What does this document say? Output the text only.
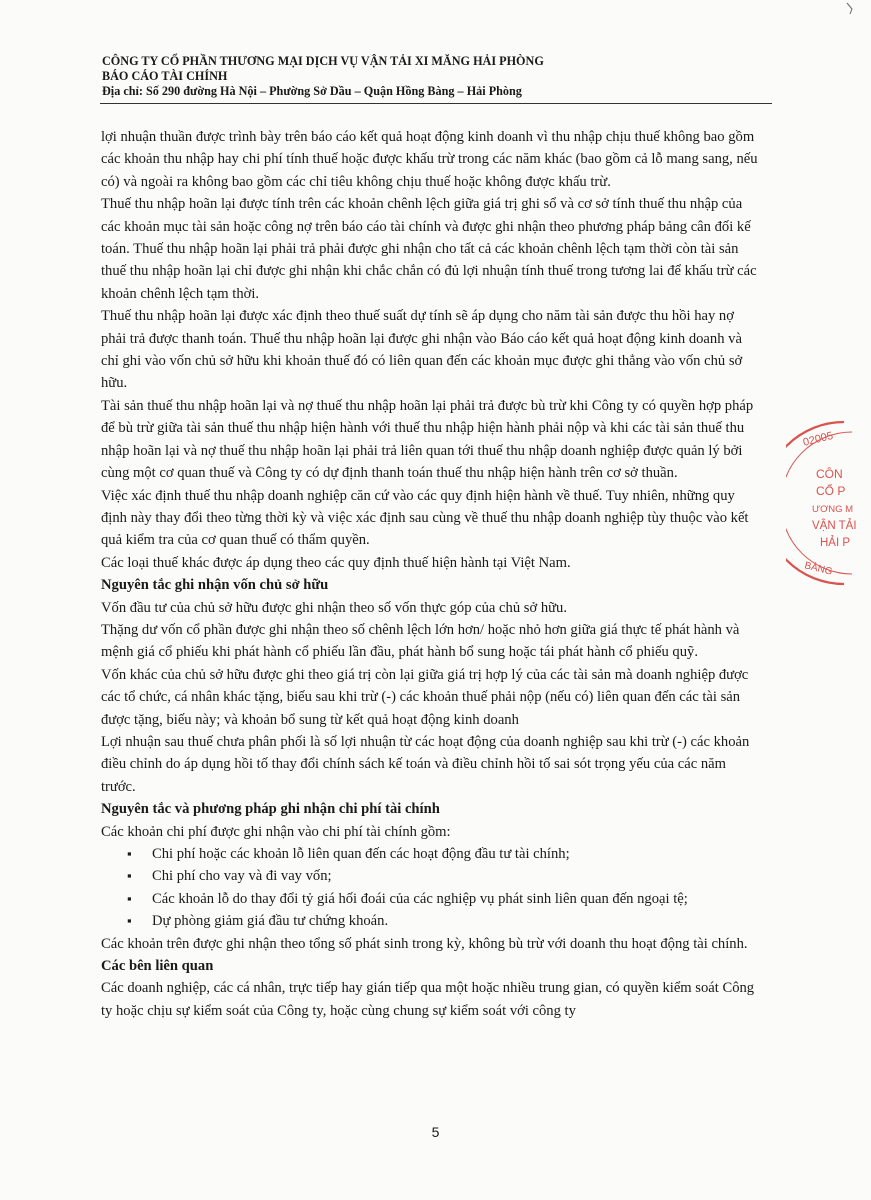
CÔNG TY CỔ PHẦN THƯƠNG MẠI DỊCH VỤ VẬN TẢI XI MĂNG HẢI PHÒNG
BÁO CÁO TÀI CHÍNH
Địa chỉ: Số 290 đường Hà Nội – Phường Sở Dầu – Quận Hồng Bàng – Hải Phòng

lợi nhuận thuần được trình bày trên báo cáo kết quả hoạt động kinh doanh vì thu nhập chịu thuế không bao gồm các khoản thu nhập hay chi phí tính thuế hoặc được khấu trừ trong các năm khác (bao gồm cả lỗ mang sang, nếu có) và ngoài ra không bao gồm các chỉ tiêu không chịu thuế hoặc không được khấu trừ.

Thuế thu nhập hoãn lại được tính trên các khoản chênh lệch giữa giá trị ghi sổ và cơ sở tính thuế thu nhập của các khoản mục tài sản hoặc công nợ trên báo cáo tài chính và được ghi nhận theo phương pháp bảng cân đối kế toán. Thuế thu nhập hoãn lại phải trả phải được ghi nhận cho tất cả các khoản chênh lệch tạm thời còn tài sản thuế thu nhập hoãn lại chỉ được ghi nhận khi chắc chắn có đủ lợi nhuận tính thuế trong tương lai để khấu trừ các khoản chênh lệch tạm thời.

Thuế thu nhập hoãn lại được xác định theo thuế suất dự tính sẽ áp dụng cho năm tài sản được thu hồi hay nợ phải trả được thanh toán. Thuế thu nhập hoãn lại được ghi nhận vào Báo cáo kết quả hoạt động kinh doanh và chỉ ghi vào vốn chủ sở hữu khi khoản thuế đó có liên quan đến các khoản mục được ghi thẳng vào vốn chủ sở hữu.

Tài sản thuế thu nhập hoãn lại và nợ thuế thu nhập hoãn lại phải trả được bù trừ khi Công ty có quyền hợp pháp để bù trừ giữa tài sản thuế thu nhập hiện hành với thuế thu nhập hiện hành phải nộp và khi các tài sản thuế thu nhập hoãn lại và nợ thuế thu nhập hoãn lại phải trả liên quan tới thuế thu nhập doanh nghiệp được quản lý bởi cùng một cơ quan thuế và Công ty có dự định thanh toán thuế thu nhập hiện hành trên cơ sở thuần.

Việc xác định thuế thu nhập doanh nghiệp căn cứ vào các quy định hiện hành về thuế. Tuy nhiên, những quy định này thay đổi theo từng thời kỳ và việc xác định sau cùng về thuế thu nhập doanh nghiệp tùy thuộc vào kết quả kiểm tra của cơ quan thuế có thẩm quyền.

Các loại thuế khác được áp dụng theo các quy định thuế hiện hành tại Việt Nam.

Nguyên tắc ghi nhận vốn chủ sở hữu

Vốn đầu tư của chủ sở hữu được ghi nhận theo số vốn thực góp của chủ sở hữu.

Thặng dư vốn cổ phần được ghi nhận theo số chênh lệch lớn hơn/ hoặc nhỏ hơn giữa giá thực tế phát hành và mệnh giá cổ phiếu khi phát hành cổ phiếu lần đầu, phát hành bổ sung hoặc tái phát hành cổ phiếu quỹ.

Vốn khác của chủ sở hữu được ghi theo giá trị còn lại giữa giá trị hợp lý của các tài sản mà doanh nghiệp được các tổ chức, cá nhân khác tặng, biếu sau khi trừ (-) các khoản thuế phải nộp (nếu có) liên quan đến các tài sản được tặng, biếu này; và khoản bổ sung từ kết quả hoạt động kinh doanh

Lợi nhuận sau thuế chưa phân phối là số lợi nhuận từ các hoạt động của doanh nghiệp sau khi trừ (-) các khoản điều chỉnh do áp dụng hồi tố thay đổi chính sách kế toán và điều chỉnh hồi tố sai sót trọng yếu của các năm trước.

Nguyên tắc và phương pháp ghi nhận chi phí tài chính

Các khoản chi phí được ghi nhận vào chi phí tài chính gồm:

▪ Chi phí hoặc các khoản lỗ liên quan đến các hoạt động đầu tư tài chính;
▪ Chi phí cho vay và đi vay vốn;
▪ Các khoản lỗ do thay đổi tỷ giá hối đoái của các nghiệp vụ phát sinh liên quan đến ngoại tệ;
▪ Dự phòng giảm giá đầu tư chứng khoán.

Các khoản trên được ghi nhận theo tổng số phát sinh trong kỳ, không bù trừ với doanh thu hoạt động tài chính.

Các bên liên quan

Các doanh nghiệp, các cá nhân, trực tiếp hay gián tiếp qua một hoặc nhiều trung gian, có quyền kiểm soát Công ty hoặc chịu sự kiểm soát của Công ty, hoặc cùng chung sự kiểm soát với công ty

5
02005
CÔN
CỔ P
ƯƠNG M
VẬN TẢI
HẢI P
BÀNG
